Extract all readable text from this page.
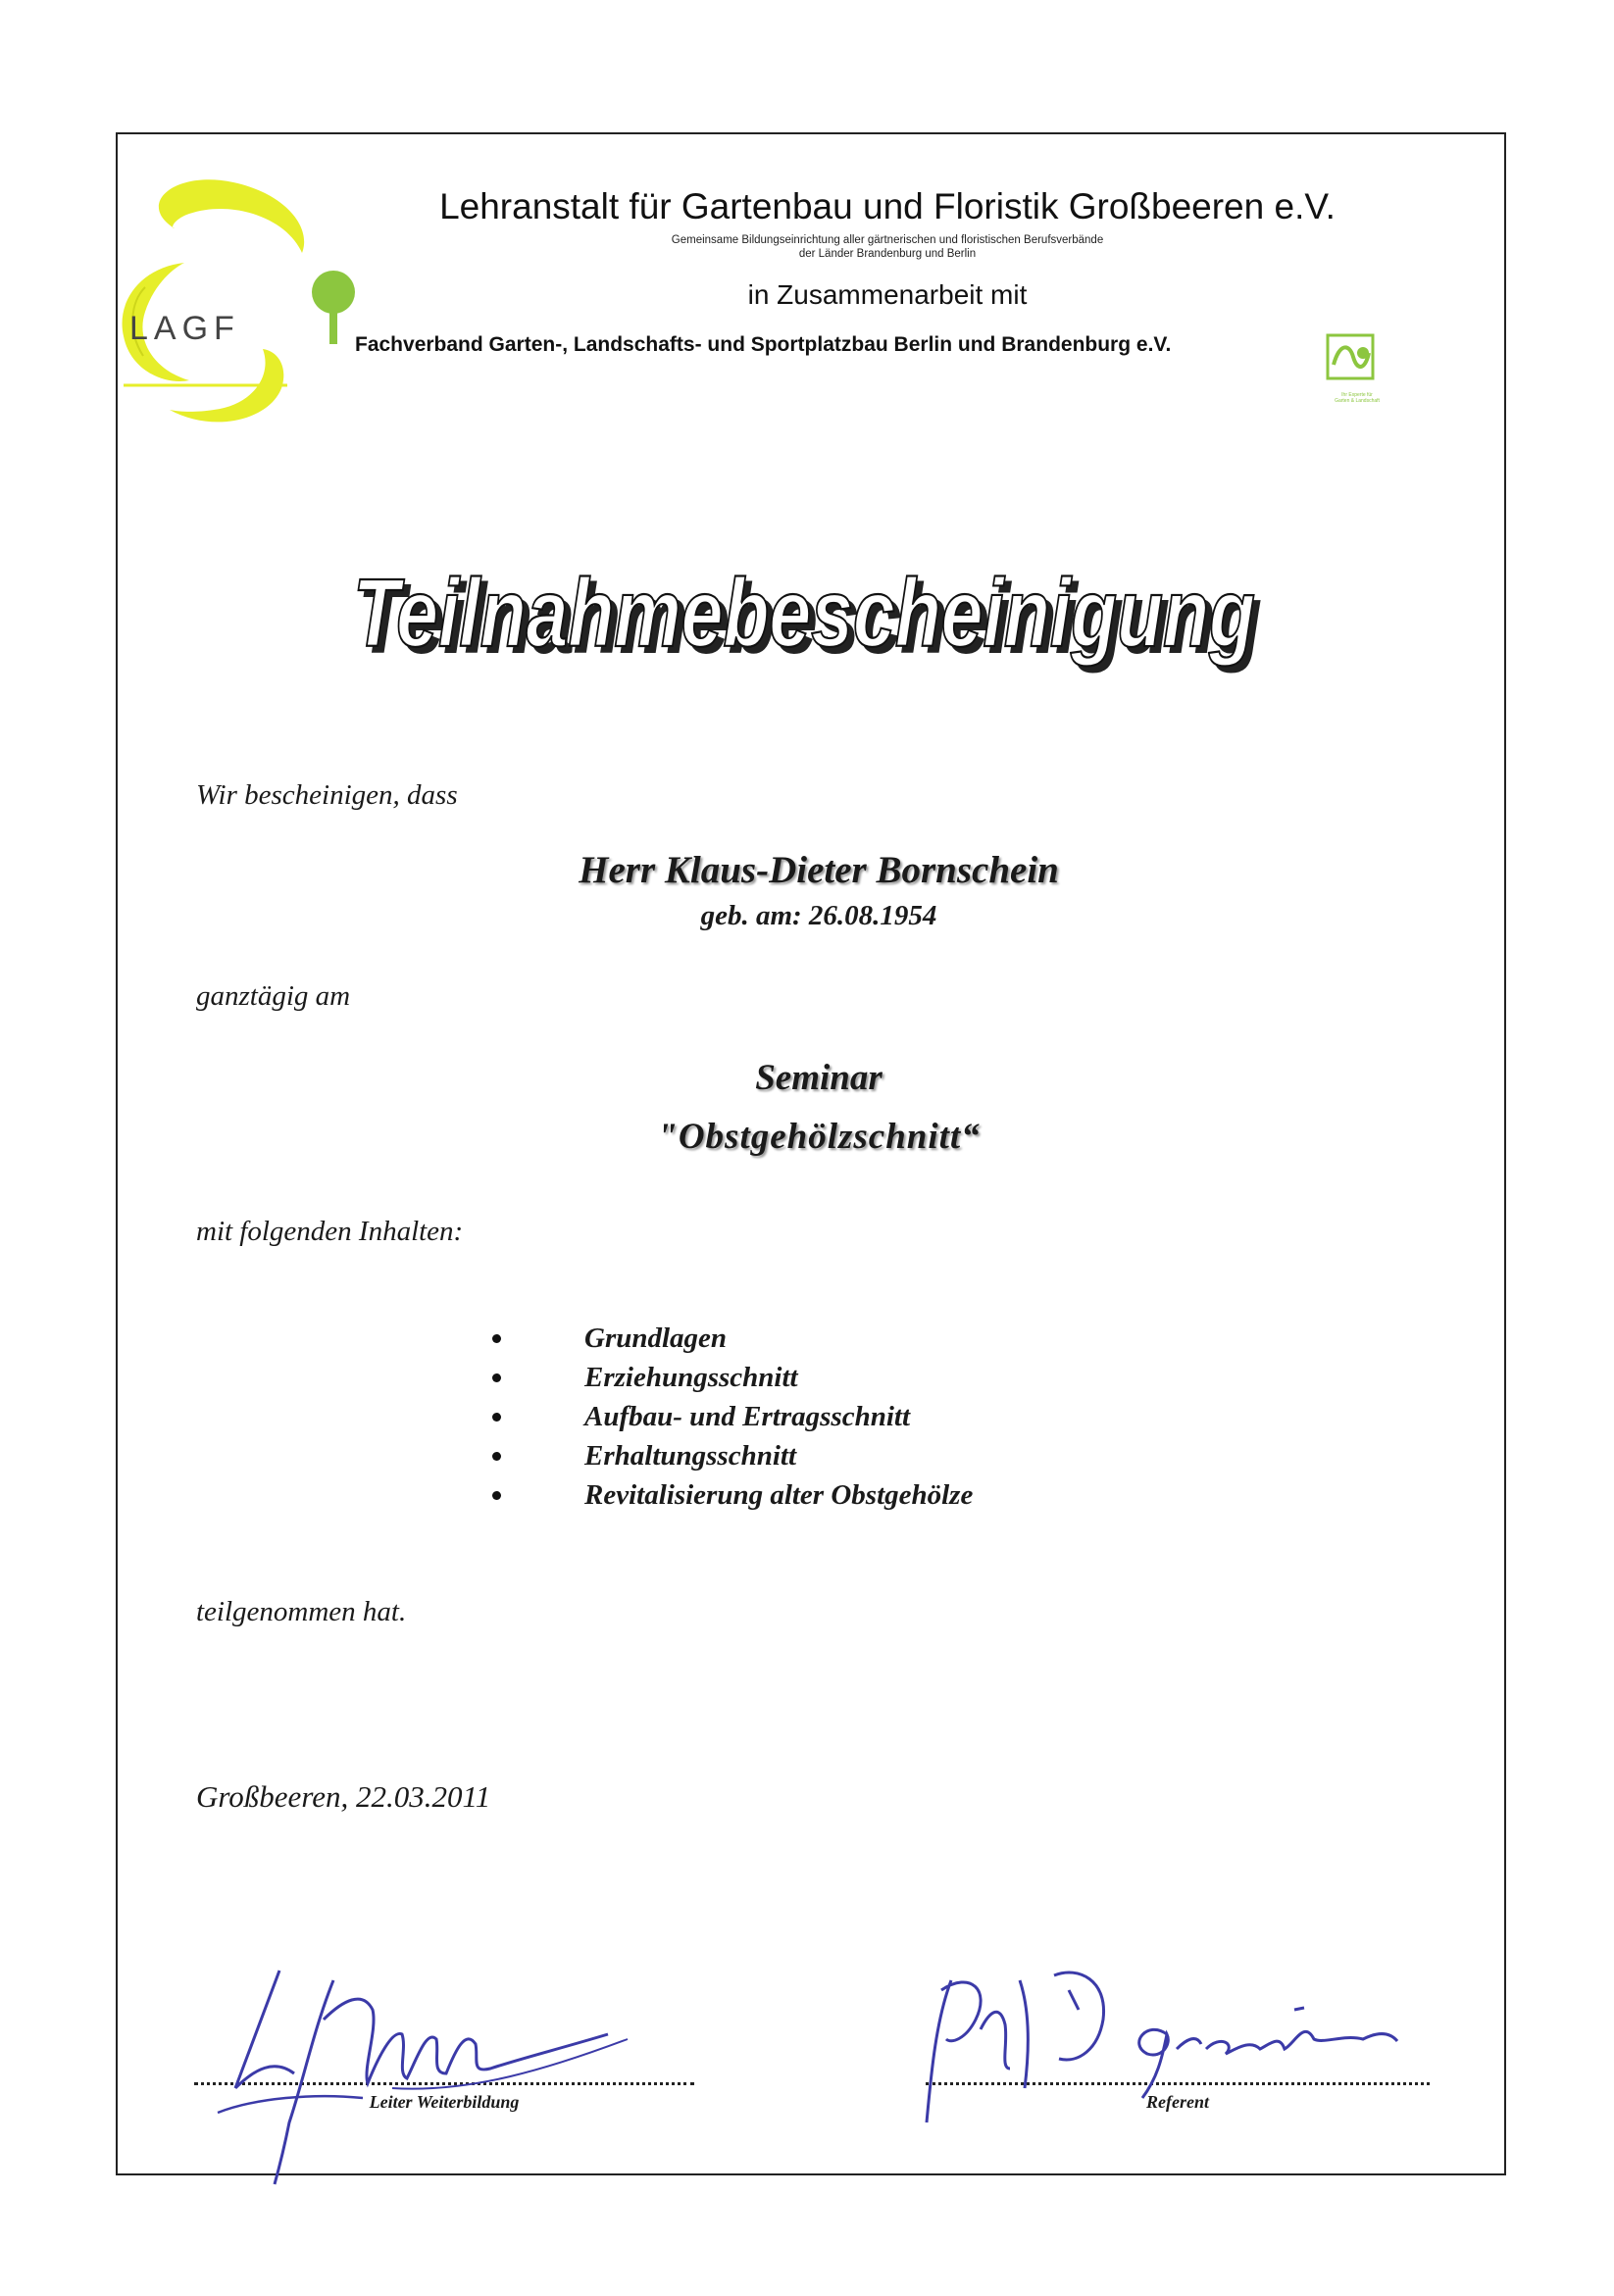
LAGF
Lehranstalt für Gartenbau und Floristik Großbeeren e.V.
Gemeinsame Bildungseinrichtung aller gärtnerischen und floristischen Berufsverbände
der Länder Brandenburg und Berlin
in Zusammenarbeit mit
Fachverband Garten-, Landschafts- und Sportplatzbau Berlin und Brandenburg e.V.
Ihr Experte für
Garten & Landschaft
Teilnahmebescheinigung
Teilnahmebescheinigung
Wir bescheinigen, dass
Herr Klaus-Dieter Bornschein
geb. am: 26.08.1954
ganztägig am
Seminar
"Obstgehölzschnitt“
mit folgenden Inhalten:
Grundlagen
Erziehungsschnitt
Aufbau- und Ertragsschnitt
Erhaltungsschnitt
Revitalisierung alter Obstgehölze
teilgenommen hat.
Großbeeren, 22.03.2011
Leiter Weiterbildung	Referent
